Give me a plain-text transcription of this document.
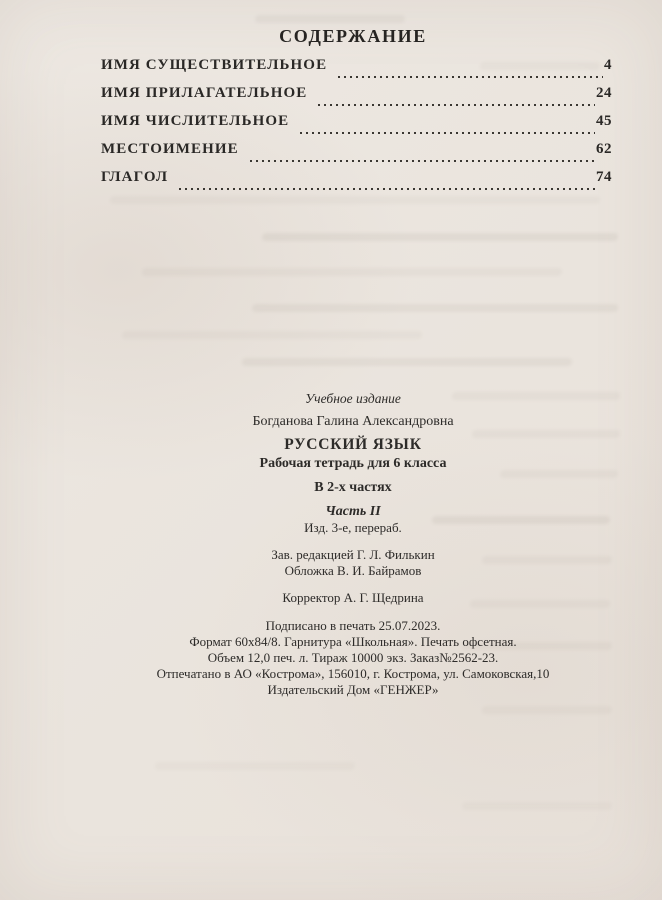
СОДЕРЖАНИЕ
ИМЯ СУЩЕСТВИТЕЛЬНОЕ	4
ИМЯ ПРИЛАГАТЕЛЬНОЕ	24
ИМЯ ЧИСЛИТЕЛЬНОЕ	45
МЕСТОИМЕНИЕ	62
ГЛАГОЛ	74

Учебное издание

Богданова Галина Александровна

РУССКИЙ ЯЗЫК

Рабочая тетрадь для 6 класса

В 2-х частях

Часть II

Изд. 3-е, перераб.

Зав. редакцией Г. Л. Филькин

Обложка В. И. Байрамов

Корректор А. Г. Щедрина

Подписано в печать 25.07.2023.

Формат 60х84/8. Гарнитура «Школьная». Печать офсетная.

Объем 12,0 печ. л. Тираж 10000 экз. Заказ№2562-23.

Отпечатано в АО «Кострома», 156010, г. Кострома, ул. Самоковская,10

Издательский Дом «ГЕНЖЕР»
